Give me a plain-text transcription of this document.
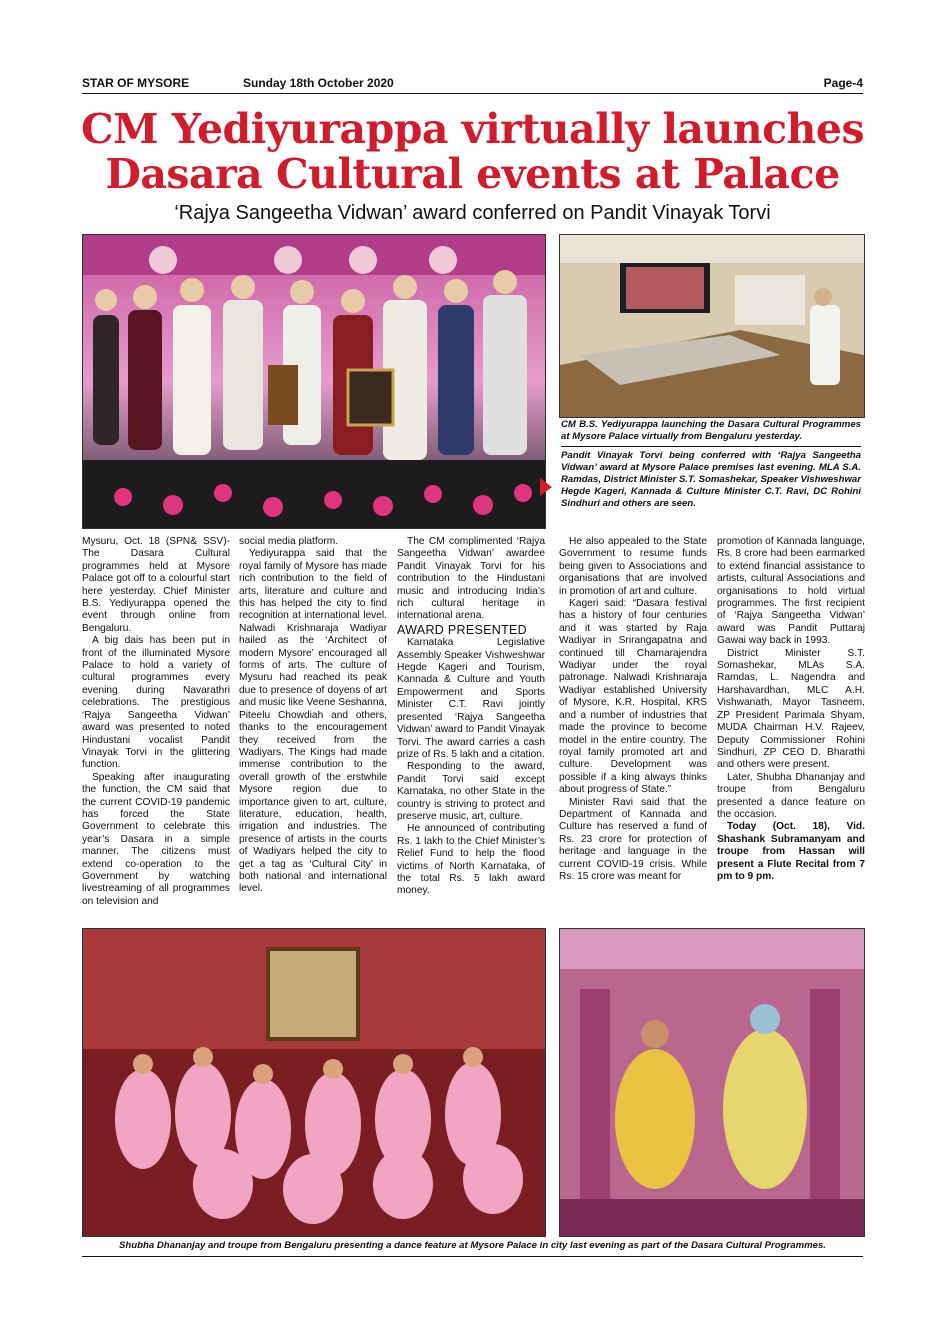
STAR OF MYSORE	Sunday 18th October 2020	Page-4
CM Yediyurappa virtually launches
Dasara Cultural events at Palace
‘Rajya Sangeetha Vidwan’ award conferred on Pandit Vinayak Torvi
CM B.S. Yediyurappa launching the Dasara Cultural Programmes at Mysore Palace virtually from Bengaluru yesterday.
Pandit Vinayak Torvi being conferred with ‘Rajya Sangeetha Vidwan’ award at Mysore Palace premises last evening. MLA S.A. Ramdas, District Minister S.T. Somashekar, Speaker Vishweshwar Hegde Kageri, Kannada & Culture Minister C.T. Ravi, DC Rohini Sindhuri and others are seen.

Mysuru, Oct. 18 (SPN& SSV)- The Dasara Cultural programmes held at Mysore Palace got off to a colourful start here yesterday. Chief Minister B.S. Yediyurappa opened the event through online from Bengaluru.

A big dais has been put in front of the illuminated Mysore Palace to hold a variety of cultural programmes every evening during Navarathri celebrations. The prestigious ‘Rajya Sangeetha Vidwan’ award was presented to noted Hindustani vocalist Pandit Vinayak Torvi in the glittering function.

Speaking after inaugurating the function, the CM said that the current COVID-19 pandemic has forced the State Government to celebrate this year’s Dasara in a simple manner. The citizens must extend co-operation to the Government by watching livestreaming of all programmes on television and

social media platform.

Yediyurappa said that the royal family of Mysore has made rich contribution to the field of arts, literature and culture and this has helped the city to find recognition at international level. Nalwadi Krishnaraja Wadiyar hailed as the ‘Architect of modern Mysore’ encouraged all forms of arts. The culture of Mysuru had reached its peak due to presence of doyens of art and music like Veene Seshanna, Piteelu Chowdiah and others, thanks to the encouragement they received from the Wadiyars. The Kings had made immense contribution to the overall growth of the erstwhile Mysore region due to importance given to art, culture, literature, education, health, irrigation and industries. The presence of artists in the courts of Wadiyars helped the city to get a tag as ‘Cultural City’ in both national and international level.

The CM complimented ‘Rajya Sangeetha Vidwan’ awardee Pandit Vinayak Torvi for his contribution to the Hindustani music and introducing India’s rich cultural heritage in international arena.

AWARD PRESENTED

Karnataka Legislative Assembly Speaker Vishweshwar Hegde Kageri and Tourism, Kannada & Culture and Youth Empowerment and Sports Minister C.T. Ravi jointly presented ‘Rajya Sangeetha Vidwan’ award to Pandit Vinayak Torvi. The award carries a cash prize of Rs. 5 lakh and a citation.

Responding to the award, Pandit Torvi said except Karnataka, no other State in the country is striving to protect and preserve music, art, culture.

He announced of contributing Rs. 1 lakh to the Chief Minister’s Relief Fund to help the flood victims of North Karnataka, of the total Rs. 5 lakh award money.

He also appealed to the State Government to resume funds being given to Associations and organisations that are involved in promotion of art and culture.

Kageri said: “Dasara festival has a history of four centuries and it was started by Raja Wadiyar in Srirangapatna and continued till Chamarajendra Wadiyar under the royal patronage. Nalwadi Krishnaraja Wadiyar established University of Mysore, K.R. Hospital, KRS and a number of industries that made the province to become model in the entire country. The royal family promoted art and culture. Development was possible if a king always thinks about progress of State.”

Minister Ravi said that the Department of Kannada and Culture has reserved a fund of Rs. 23 crore for protection of heritage and language in the current COVID-19 crisis. While Rs. 15 crore was meant for

promotion of Kannada language, Rs. 8 crore had been earmarked to extend financial assistance to artists, cultural Associations and organisations to hold virtual programmes. The first recipient of ‘Rajya Sangeetha Vidwan’ award was Pandit Puttaraj Gawai way back in 1993.

District Minister S.T. Somashekar, MLAs S.A. Ramdas, L. Nagendra and Harshavardhan, MLC A.H. Vishwanath, Mayor Tasneem, ZP President Parimala Shyam, MUDA Chairman H.V. Rajeev, Deputy Commissioner Rohini Sindhuri, ZP CEO D. Bharathi and others were present.

Later, Shubha Dhananjay and troupe from Bengaluru presented a dance feature on the occasion.

Today (Oct. 18), Vid. Shashank Subramanyam and troupe from Hassan will present a Flute Recital from 7 pm to 9 pm.

Shubha Dhananjay and troupe from Bengaluru presenting a dance feature at Mysore Palace in city last evening as part of the Dasara Cultural Programmes.
